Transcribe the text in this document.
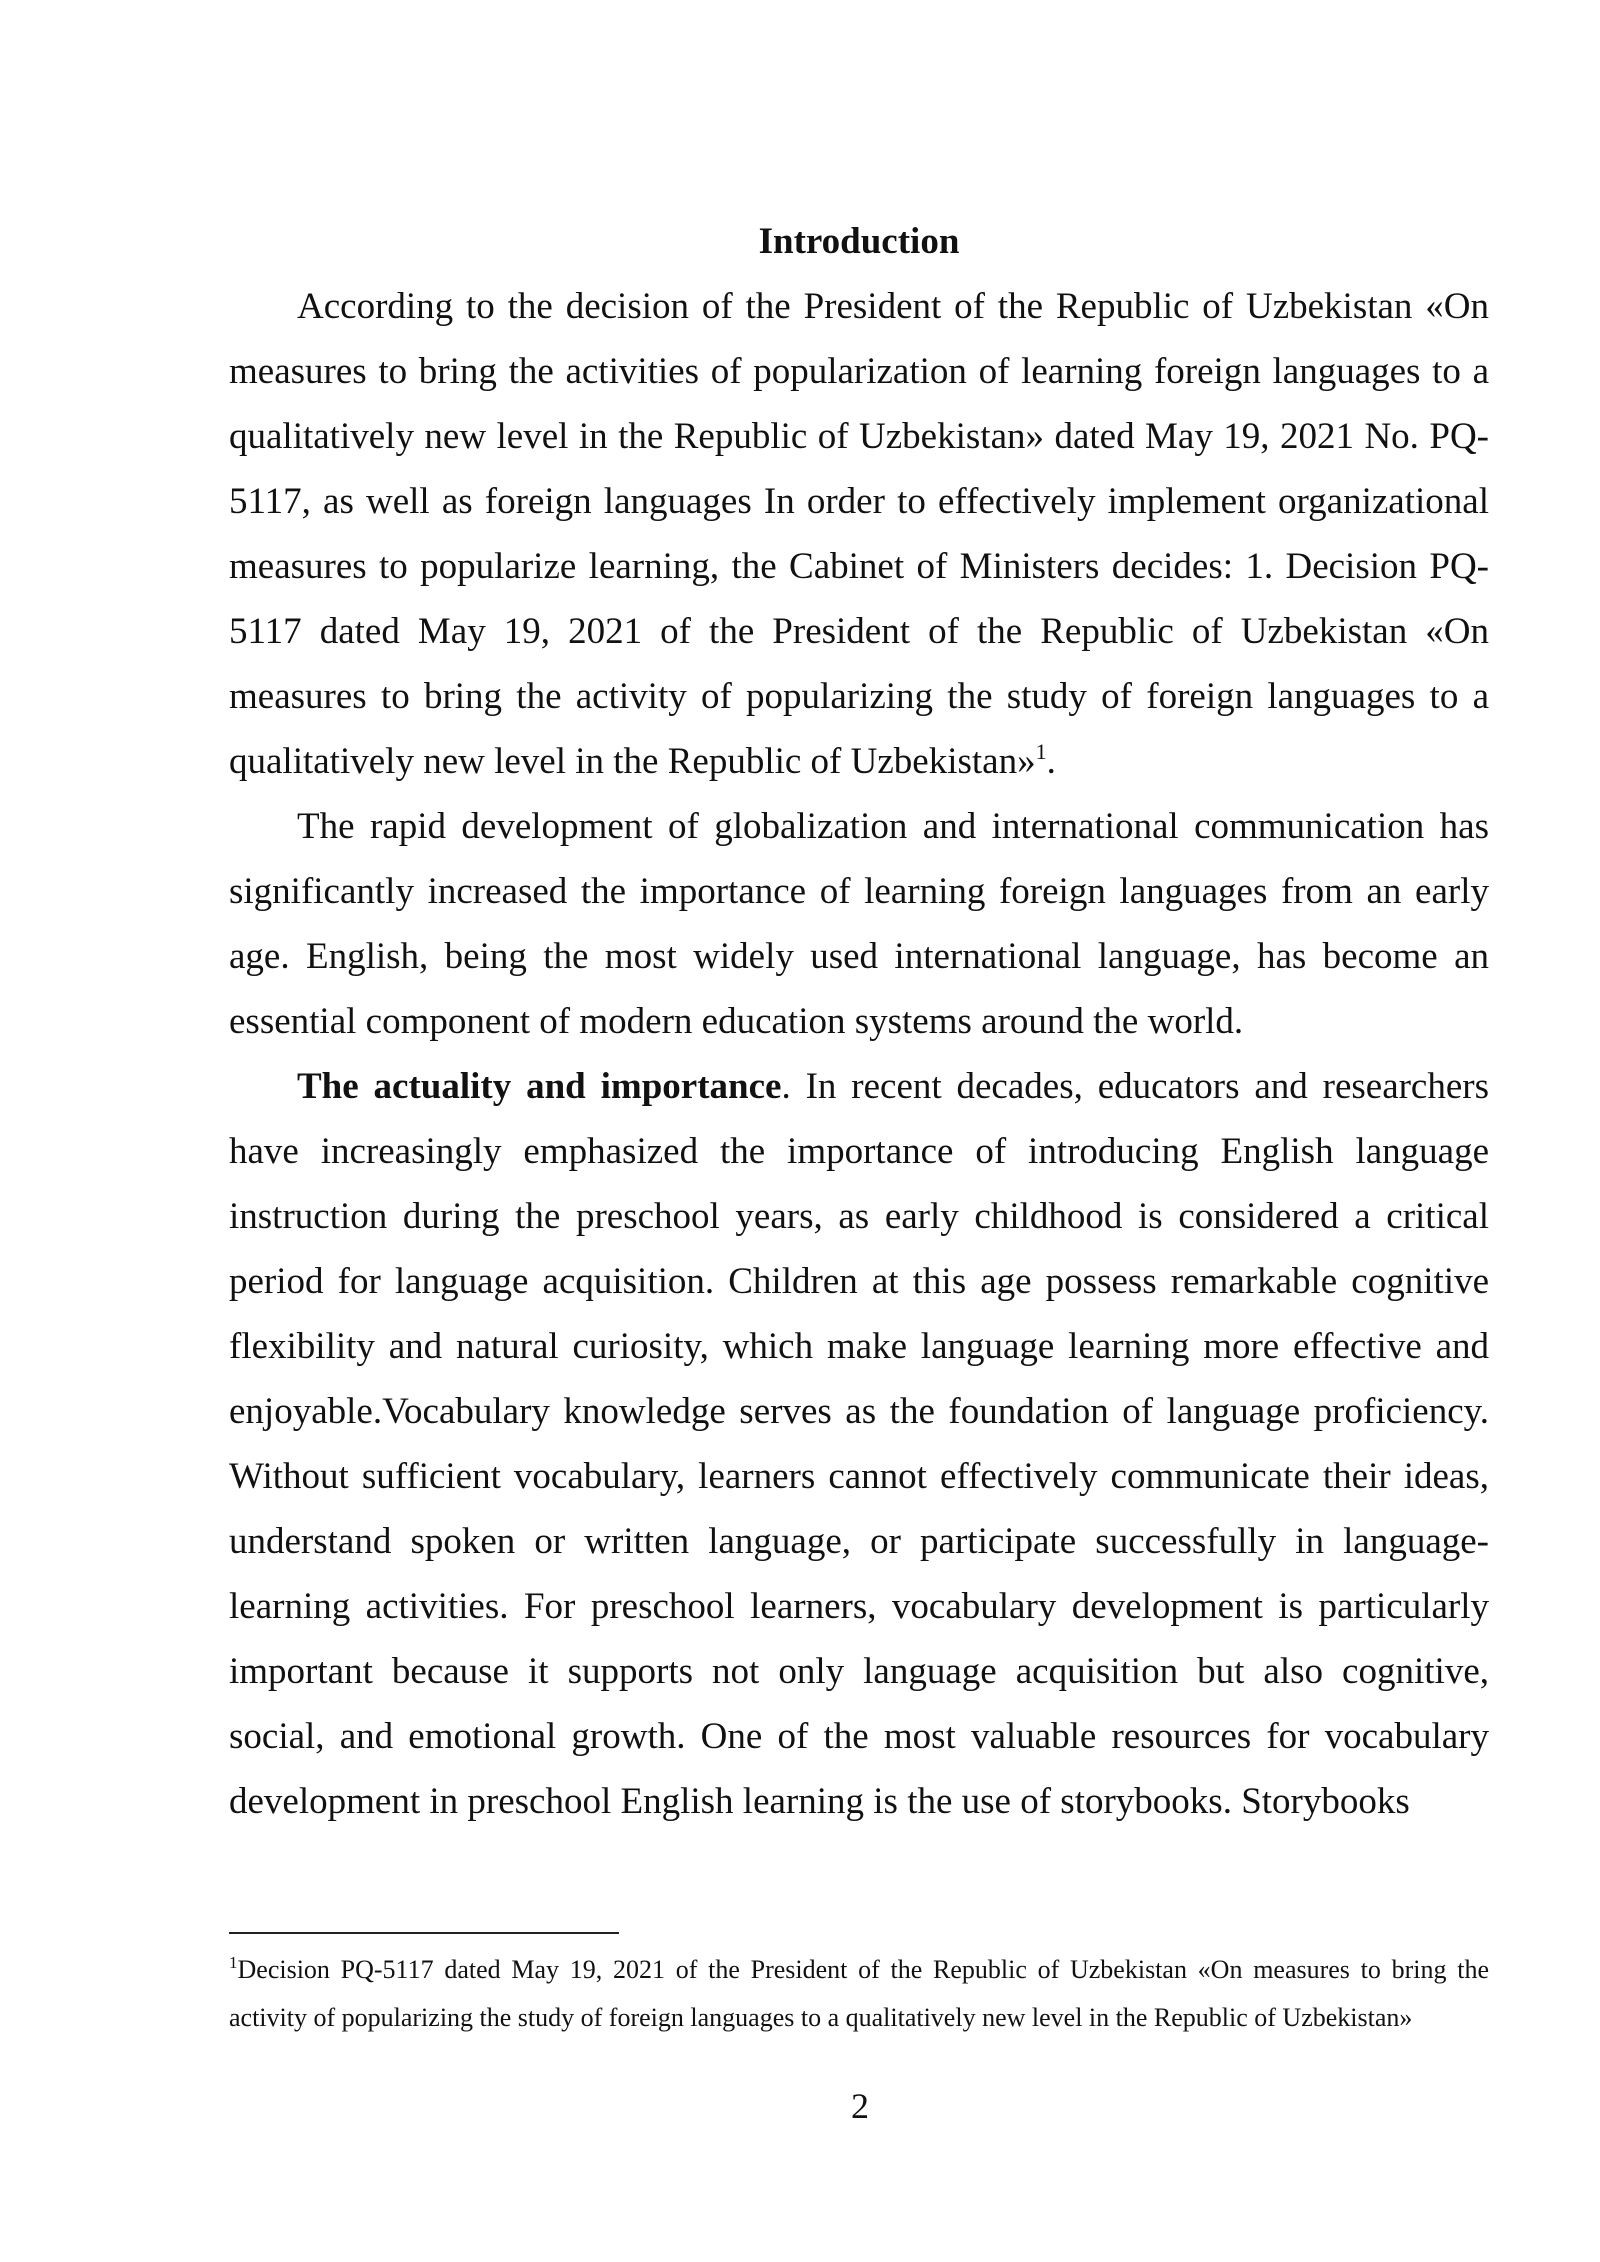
Introduction

According to the decision of the President of the Republic of Uzbekistan «On measures to bring the activities of popularization of learning foreign languages to a qualitatively new level in the Republic of Uzbekistan» dated May 19, 2021 No. PQ-5117, as well as foreign languages In order to effectively implement organizational measures to popularize learning, the Cabinet of Ministers decides: 1. Decision PQ-5117 dated May 19, 2021 of the President of the Republic of Uzbekistan «On measures to bring the activity of popularizing the study of foreign languages to a qualitatively new level in the Republic of Uzbekistan»$^1$.

The rapid development of globalization and international communication has significantly increased the importance of learning foreign languages from an early age. English, being the most widely used international language, has become an essential component of modern education systems around the world.

The actuality and importance. In recent decades, educators and researchers have increasingly emphasized the importance of introducing English language instruction during the preschool years, as early childhood is considered a critical period for language acquisition. Children at this age possess remarkable cognitive flexibility and natural curiosity, which make language learning more effective and enjoyable.Vocabulary knowledge serves as the foundation of language proficiency. Without sufficient vocabulary, learners cannot effectively communicate their ideas, understand spoken or written language, or participate successfully in language-learning activities. For preschool learners, vocabulary development is particularly important because it supports not only language acquisition but also cognitive, social, and emotional growth. One of the most valuable resources for vocabulary development in preschool English learning is the use of storybooks. Storybooks

$^1$Decision PQ-5117 dated May 19, 2021 of the President of the Republic of Uzbekistan «On measures to bring the activity of popularizing the study of foreign languages to a qualitatively new level in the Republic of Uzbekistan»

2
